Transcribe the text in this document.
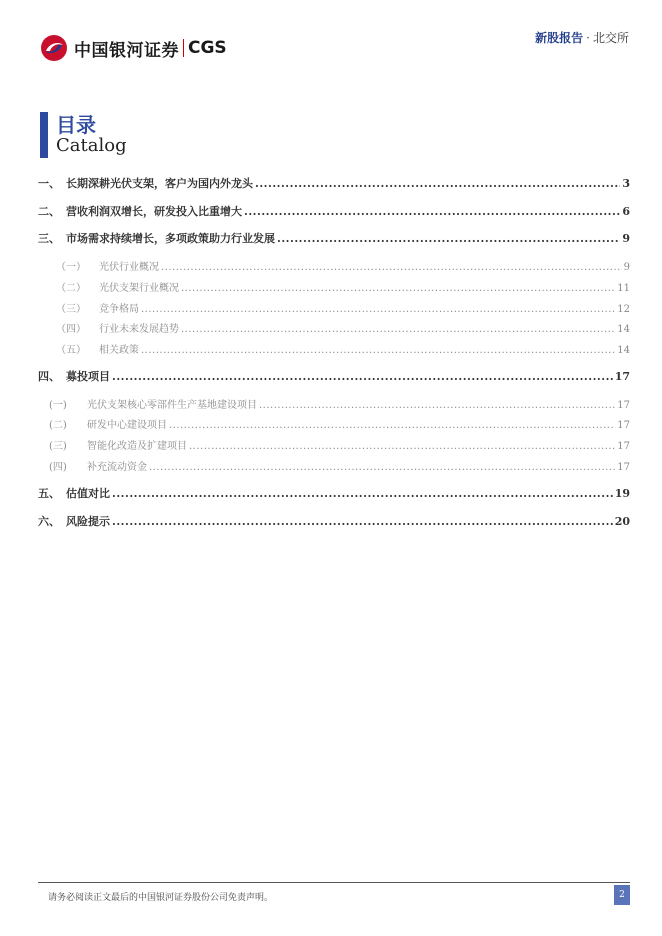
中国银河证券 CGS	新股报告 · 北交所
目录
Catalog
一、 长期深耕光伏支架，客户为国内外龙头 .....	3
二、 营收利润双增长，研发投入比重增大 .....	6
三、 市场需求持续增长，多项政策助力行业发展 .....	9
（一）	光伏行业概况 .....	9
（二）	光伏支架行业概况 .....	11
（三）	竞争格局 .....	12
（四）	行业未来发展趋势 .....	14
（五）	相关政策 .....	14
四、 募投项目 .....	17
(一)	光伏支架核心零部件生产基地建设项目 .....	17
(二)	研发中心建设项目 .....	17
(三)	智能化改造及扩建项目 .....	17
(四)	补充流动资金 .....	17
五、 估值对比 .....	19
六、 风险提示 .....	20
请务必阅读正文最后的中国银河证券股份公司免责声明。	2
